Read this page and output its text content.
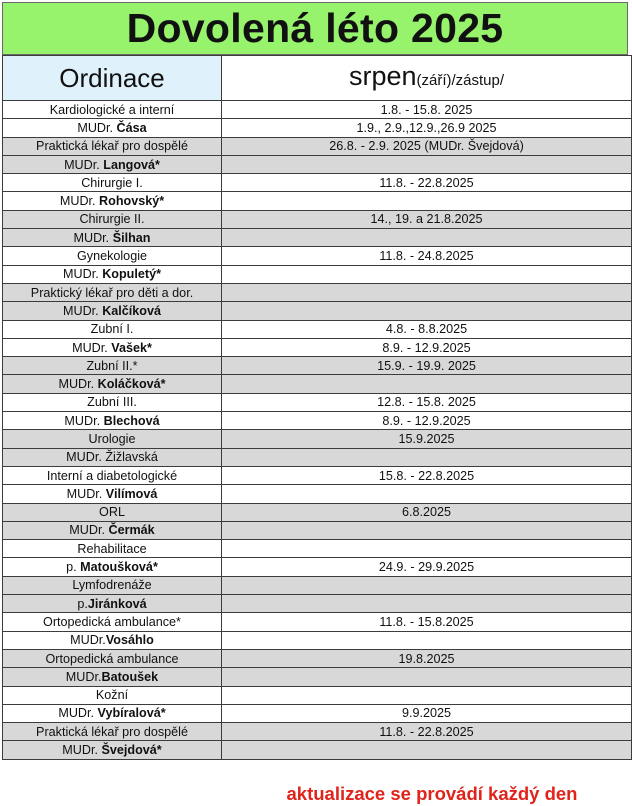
Dovolená léto 2025
Ordinace	srpen(září)/zástup/
Kardiologické a interní	1.8. - 15.8. 2025
MUDr. Čása	1.9., 2.9.,12.9.,26.9 2025
Praktická lékař pro dospělé	26.8. - 2.9. 2025 (MUDr. Švejdová)
MUDr. Langová*	
Chirurgie I.	11.8. - 22.8.2025
MUDr. Rohovský*	
Chirurgie II.	14., 19. a 21.8.2025
MUDr. Šilhan	
Gynekologie	11.8. - 24.8.2025
MUDr. Kopuletý*	
Praktický lékař pro děti a dor.	
MUDr. Kalčíková	
Zubní I.	4.8. - 8.8.2025
MUDr. Vašek*	8.9. - 12.9.2025
Zubní II.*	15.9. - 19.9. 2025
MUDr. Koláčková*	
Zubní III.	12.8. - 15.8. 2025
MUDr. Blechová	8.9. - 12.9.2025
Urologie	15.9.2025
MUDr. Žižlavská	
Interní a diabetologické	15.8. - 22.8.2025
MUDr. Vilímová	
ORL	6.8.2025
MUDr. Čermák	
Rehabilitace	
p. Matoušková*	24.9. - 29.9.2025
Lymfodrenáže	
p.Jiránková	
Ortopedická ambulance*	11.8. - 15.8.2025
MUDr.Vosáhlo	
Ortopedická ambulance	19.8.2025
MUDr.Batoušek	
Kožní	
MUDr. Vybíralová*	9.9.2025
Praktická lékař pro dospělé	11.8. - 22.8.2025
MUDr. Švejdová*	
aktualizace se provádí každý den
